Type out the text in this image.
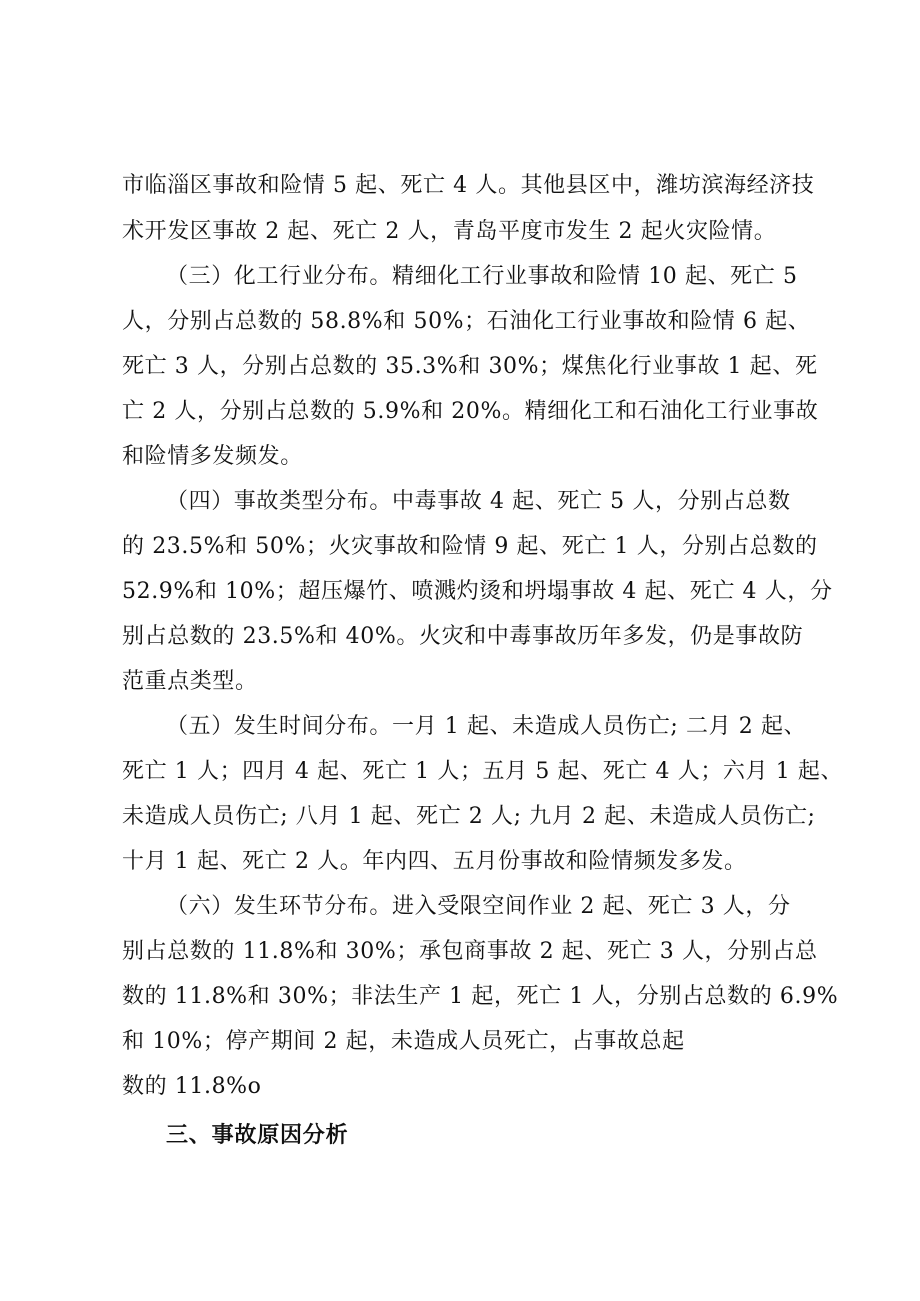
市临淄区事故和险情 5 起、死亡 4 人。其他县区中，潍坊滨海经济技
术开发区事故 2 起、死亡 2 人，青岛平度市发生 2 起火灾险情。
（三）化工行业分布。精细化工行业事故和险情 10 起、死亡 5
人，分别占总数的 58.8%和 50%；石油化工行业事故和险情 6 起、
死亡 3 人，分别占总数的 35.3%和 30%；煤焦化行业事故 1 起、死
亡 2 人，分别占总数的 5.9%和 20%。精细化工和石油化工行业事故
和险情多发频发。
（四）事故类型分布。中毒事故 4 起、死亡 5 人，分别占总数
的 23.5%和 50%；火灾事故和险情 9 起、死亡 1 人，分别占总数的
52.9%和 10%；超压爆竹、喷溅灼烫和坍塌事故 4 起、死亡 4 人，分
别占总数的 23.5%和 40%。火灾和中毒事故历年多发，仍是事故防
范重点类型。
（五）发生时间分布。一月 1 起、未造成人员伤亡; 二月 2 起、
死亡 1 人；四月 4 起、死亡 1 人；五月 5 起、死亡 4 人；六月 1 起、
未造成人员伤亡; 八月 1 起、死亡 2 人; 九月 2 起、未造成人员伤亡;
十月 1 起、死亡 2 人。年内四、五月份事故和险情频发多发。
（六）发生环节分布。进入受限空间作业 2 起、死亡 3 人，分
别占总数的 11.8%和 30%；承包商事故 2 起、死亡 3 人，分别占总
数的 11.8%和 30%；非法生产 1 起，死亡 1 人，分别占总数的 6.9%
和 10%；停产期间 2 起，未造成人员死亡，占事故总起
数的 11.8%o
三、事故原因分析
